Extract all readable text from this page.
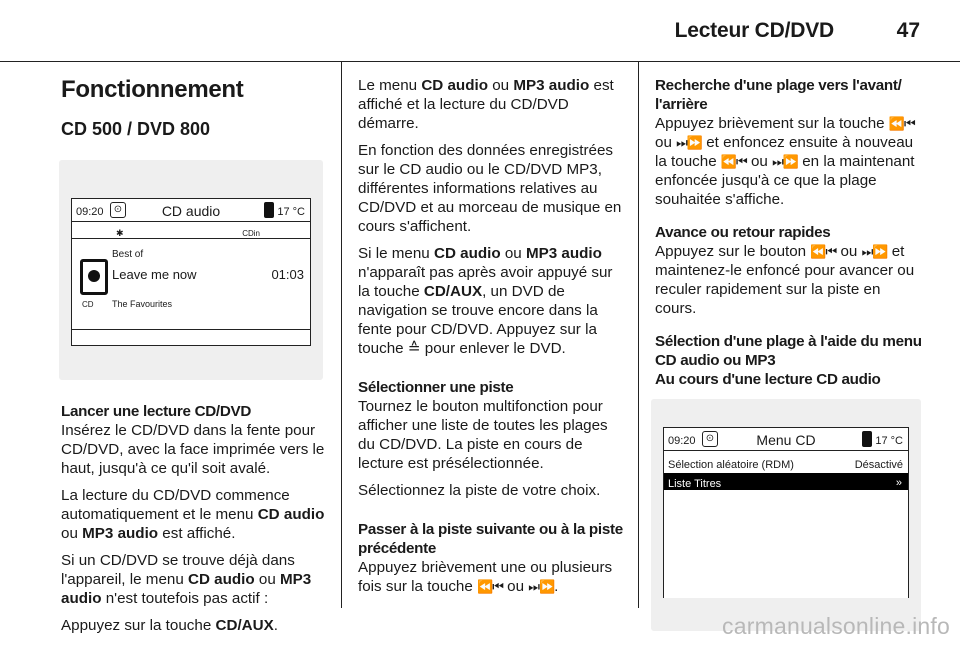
Lecteur CD/DVD	47
Fonctionnement
CD 500 / DVD 800
09:20	⊙	CD audio	17 °C
✱	CDin
Best of
Leave me now	01:03
CD The Favourites

Lancer une lecture CD/DVD

Insérez le CD/DVD dans la fente pour CD/DVD, avec la face imprimée vers le haut, jusqu'à ce qu'il soit avalé.

La lecture du CD/DVD commence automatiquement et le menu CD audio ou MP3 audio est affiché.

Si un CD/DVD se trouve déjà dans l'appareil, le menu CD audio ou MP3 audio n'est toutefois pas actif :

Appuyez sur la touche CD/AUX.

Le menu CD audio ou MP3 audio est affiché et la lecture du CD/DVD démarre.

En fonction des données enregistrées sur le CD audio ou le CD/DVD MP3, différentes informations relatives au CD/DVD et au morceau de musique en cours s'affichent.

Si le menu CD audio ou MP3 audio n'apparaît pas après avoir appuyé sur la touche CD/AUX, un DVD de navigation se trouve encore dans la fente pour CD/DVD. Appuyez sur la touche ≙ pour enlever le DVD.

Sélectionner une piste

Tournez le bouton multifonction pour afficher une liste de toutes les plages du CD/DVD. La piste en cours de lecture est présélectionnée.

Sélectionnez la piste de votre choix.

Passer à la piste suivante ou à la piste précédente

Appuyez brièvement une ou plusieurs fois sur la touche ⏪⏮ ou ⏭⏩.

Recherche d'une plage vers l'avant/ l'arrière

Appuyez brièvement sur la touche ⏪⏮ ou ⏭⏩ et enfoncez ensuite à nouveau la touche ⏪⏮ ou ⏭⏩ en la maintenant enfoncée jusqu'à ce que la plage souhaitée s'affiche.

Avance ou retour rapides

Appuyez sur le bouton ⏪⏮ ou ⏭⏩ et maintenez-le enfoncé pour avancer ou reculer rapidement sur la piste en cours.

Sélection d'une plage à l'aide du menu CD audio ou MP3

Au cours d'une lecture CD audio

09:20	⊙	Menu CD	17 °C
Sélection aléatoire (RDM)	Désactivé
Liste Titres	»
carmanualsonline.info
